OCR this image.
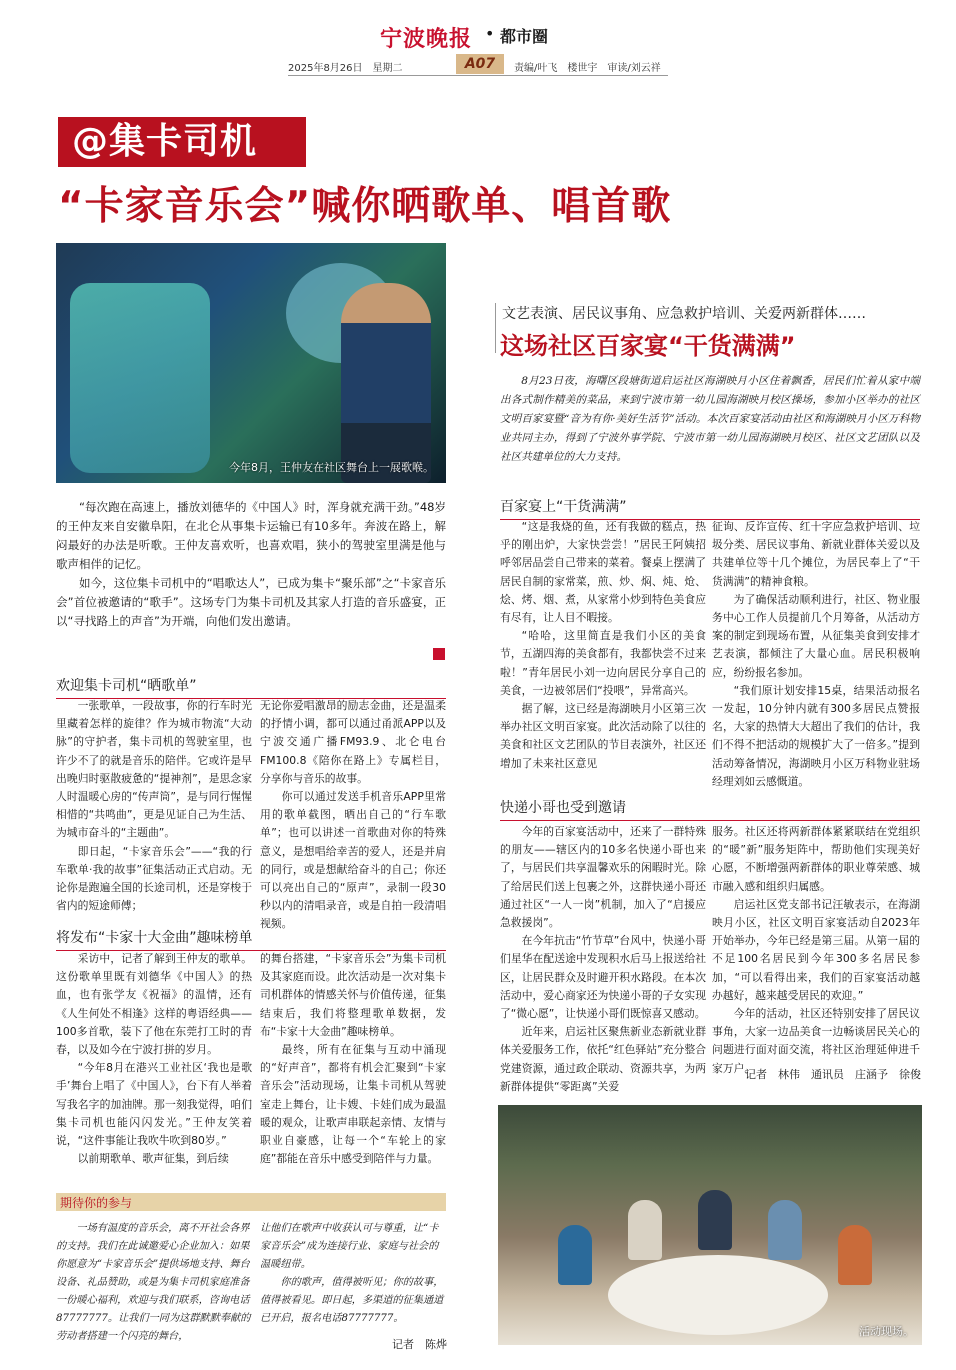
宁波晚报 • 都市圈
2025年8月26日　星期二	A07	责编/叶飞　楼世宇　审读/刘云祥
@集卡司机
“卡家音乐会”喊你晒歌单、唱首歌
今年8月，王仲友在社区舞台上一展歌喉。

“每次跑在高速上，播放刘德华的《中国人》时，浑身就充满干劲。”48岁的王仲友来自安徽阜阳，在北仑从事集卡运输已有10多年。奔波在路上，解闷最好的办法是听歌。王仲友喜欢听，也喜欢唱，狭小的驾驶室里满是他与歌声相伴的记忆。

如今，这位集卡司机中的“唱歌达人”，已成为集卡“聚乐部”之“卡家音乐会”首位被邀请的“歌手”。这场专门为集卡司机及其家人打造的音乐盛宴，正以“寻找路上的声音”为开端，向他们发出邀请。

欢迎集卡司机“晒歌单”

一张歌单，一段故事，你的行车时光里藏着怎样的旋律？作为城市物流“大动脉”的守护者，集卡司机的驾驶室里，也许少不了的就是音乐的陪伴。它或许是早出晚归时驱散疲惫的“提神剂”，是思念家人时温暖心房的“传声筒”，是与同行惺惺相惜的“共鸣曲”，更是见证自己为生活、为城市奋斗的“主题曲”。

即日起，“卡家音乐会”——“我的行车歌单·我的故事”征集活动正式启动。无论你是跑遍全国的长途司机，还是穿梭于省内的短途师傅；

无论你爱唱激昂的励志金曲，还是温柔的抒情小调，都可以通过甬派APP以及宁波交通广播FM93.9、北仑电台FM100.8《陪你在路上》专属栏目，分享你与音乐的故事。

你可以通过发送手机音乐APP里常用的歌单截图，晒出自己的“行车歌单”；也可以讲述一首歌曲对你的特殊意义，是想唱给幸苦的爱人，还是并肩的同行，或是想献给奋斗的自己；你还可以亮出自己的“原声”，录制一段30秒以内的清唱录音，或是自拍一段清唱视频。

将发布“卡家十大金曲”趣味榜单

采访中，记者了解到王仲友的歌单。这份歌单里既有刘德华《中国人》的热血，也有张学友《祝福》的温情，还有《人生何处不相逢》这样的粤语经典——100多首歌，装下了他在东莞打工时的青春，以及如今在宁波打拼的岁月。

“今年8月在港兴工业社区‘我也是歌手’舞台上唱了《中国人》，台下有人举着写我名字的加油牌。那一刻我觉得，咱们集卡司机也能闪闪发光。”王仲友笑着说，“这件事能让我吹牛吹到80岁。”

以前期歌单、歌声征集，到后续

的舞台搭建，“卡家音乐会”为集卡司机及其家庭而设。此次活动是一次对集卡司机群体的情感关怀与价值传递，征集结束后，我们将整理歌单数据，发布“卡家十大金曲”趣味榜单。

最终，所有在征集与互动中涌现的“好声音”，都将有机会汇聚到“卡家音乐会”活动现场，让集卡司机从驾驶室走上舞台，让卡嫂、卡娃们成为最温暖的观众，让歌声串联起亲情、友情与职业自豪感，让每一个“车轮上的家庭”都能在音乐中感受到陪伴与力量。

期待你的参与

一场有温度的音乐会，离不开社会各界的支持。我们在此诚邀爱心企业加入：如果你愿意为“卡家音乐会”提供场地支持、舞台设备、礼品赞助，或是为集卡司机家庭准备一份暖心福利，欢迎与我们联系，咨询电话87777777。让我们一同为这群默默奉献的劳动者搭建一个闪亮的舞台，

让他们在歌声中收获认可与尊重，让“卡家音乐会”成为连接行业、家庭与社会的温暖纽带。

你的歌声，值得被听见；你的故事，值得被看见。即日起，多渠道的征集通道已开启，报名电话87777777。

记者　陈烨
文艺表演、居民议事角、应急救护培训、关爱两新群体……
这场社区百家宴“干货满满”

8月23日夜，海曙区段塘街道启运社区海湖映月小区住着飘香，居民们忙着从家中端出各式制作精美的菜品，来到宁波市第一幼儿园海湖映月校区操场，参加小区举办的社区文明百家宴暨“音为有你·美好生活节”活动。本次百家宴活动由社区和海湖映月小区万科物业共同主办，得到了宁波外事学院、宁波市第一幼儿园海湖映月校区、社区文艺团队以及社区共建单位的大力支持。

百家宴上“干货满满”

“这是我烧的鱼，还有我做的糕点，热乎的刚出炉，大家快尝尝！”居民王阿姨招呼邻居品尝自己带来的菜着。餐桌上摆满了居民自制的家常菜，煎、炒、焖、炖、炝、烩、烤、烟、煮，从家常小炒到特色美食应有尽有，让人目不暇接。

“哈哈，这里简直是我们小区的美食节，五湖四海的美食都有，我都快尝不过来啦！”青年居民小刘一边向居民分享自己的美食，一边被邻居们“投喂”，异常高兴。

据了解，这已经是海湖映月小区第三次举办社区文明百家宴。此次活动除了以往的美食和社区文艺团队的节目表演外，社区还增加了未来社区意见

征询、反诈宣传、红十字应急救护培训、垃圾分类、居民议事角、新就业群体关爱以及共建单位等十几个摊位，为居民奉上了“干货满满”的精神食粮。

为了确保活动顺利进行，社区、物业服务中心工作人员提前几个月筹备，从活动方案的制定到现场布置，从征集美食到安排才艺表演，都倾注了大量心血。居民积极响应，纷纷报名参加。

“我们原计划安排15桌，结果活动报名一发起，10分钟内就有300多居民点赞报名，大家的热情大大超出了我们的估计，我们不得不把活动的规模扩大了一倍多。”提到活动筹备情况，海湖映月小区万科物业驻场经理刘如云感慨道。

快递小哥也受到邀请

今年的百家宴活动中，还来了一群特殊的朋友——辖区内的10多名快递小哥也来了，与居民们共享温馨欢乐的闲暇时光。除了给居民们送上包裹之外，这群快递小哥还通过社区“一人一岗”机制，加入了“启援应急救援岗”。

在今年抗击“竹节草”台风中，快递小哥们星华在配送途中发现积水后马上报送给社区，让居民群众及时避开积水路段。在本次活动中，爱心商家还为快递小哥的子女实现了“微心愿”，让快递小哥们既惊喜又感动。

近年来，启运社区聚焦新业态新就业群体关爱服务工作，依托“红色驿站”充分整合党建资源，通过政企联动、资源共享，为两新群体提供“零距离”关爱

服务。社区还将两新群体紧紧联结在党组织的“暖”新”服务矩阵中，帮助他们实现美好心愿，不断增强两新群体的职业尊荣感、城市融入感和组织归属感。

启运社区党支部书记汪敏表示，在海湖映月小区，社区文明百家宴活动自2023年开始举办，今年已经是第三届。从第一届的不足100名居民到今年300多名居民参加，“可以看得出来，我们的百家宴活动越办越好，越来越受居民的欢迎。”

今年的活动，社区还特别安排了居民议事角，大家一边品美食一边畅谈居民关心的问题进行面对面交流，将社区治理延伸进千家万户。

记者　林伟　通讯员　庄涵予　徐俊
活动现场。
